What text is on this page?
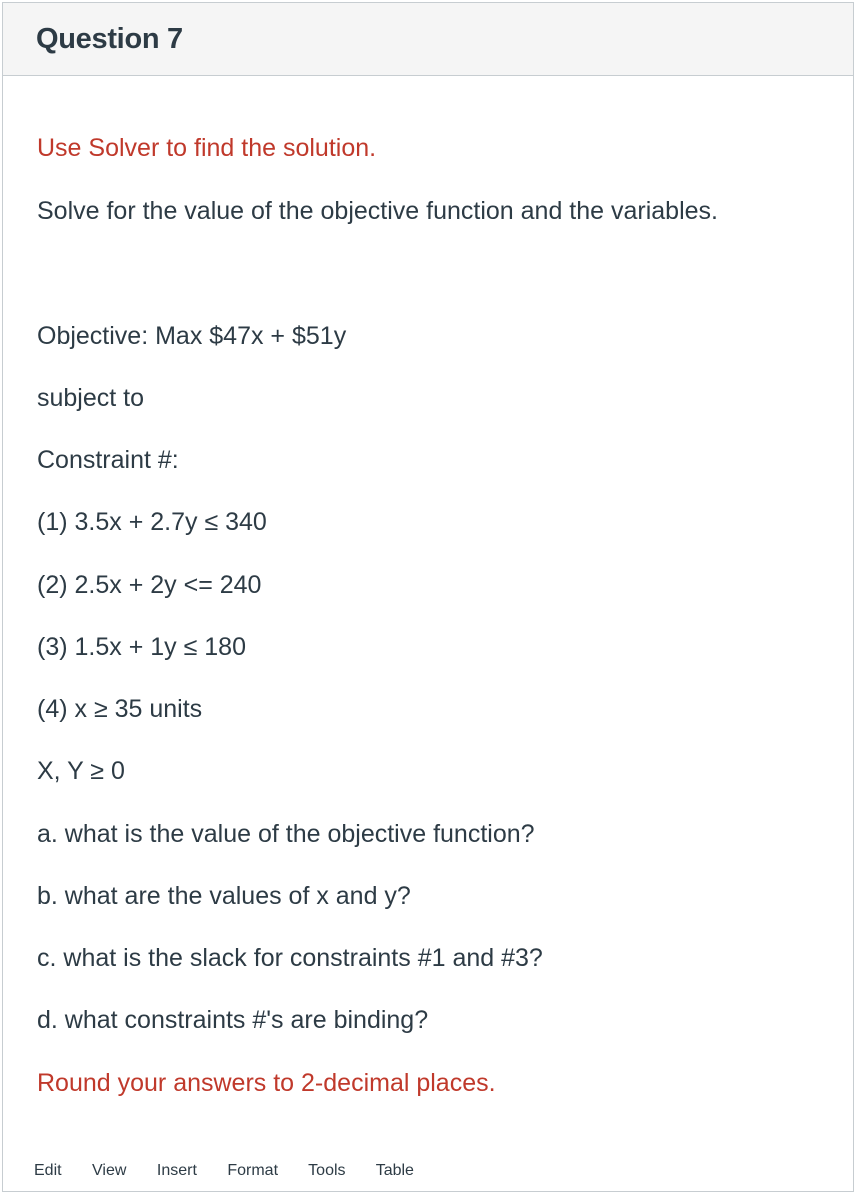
Question 7
Use Solver to find the solution.
Solve for the value of the objective function and the variables.
Objective: Max $47x + $51y
subject to
Constraint #:
(1) 3.5x + 2.7y ≤ 340
(2) 2.5x + 2y <= 240
(3) 1.5x + 1y ≤ 180
(4) x ≥ 35 units
X, Y ≥ 0
a. what is the value of the objective function?
b. what are the values of x and y?
c. what is the slack for constraints #1 and #3?
d. what constraints #'s are binding?
Round your answers to 2-decimal places.
Edit View Insert Format Tools Table
